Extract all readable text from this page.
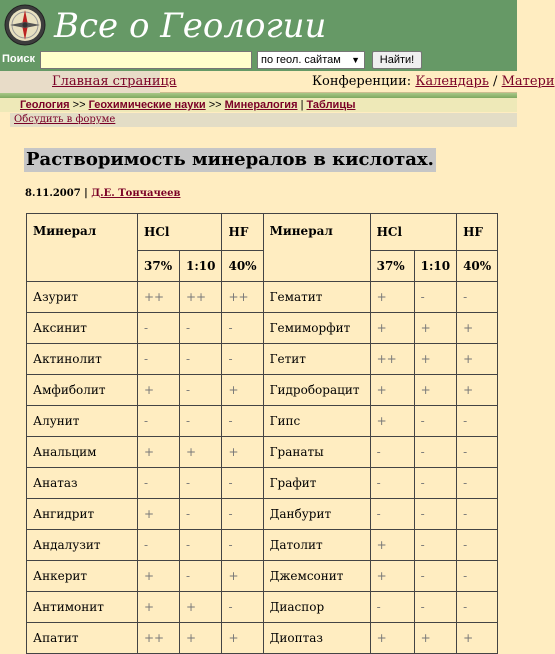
Все о Геологии
Поиск	по геол. сайтам ▼	Найти!
Главная страница	Конференции: Календарь / Матери
Геология >> Геохимические науки >> Минералогия | Таблицы
Обсудить в форуме
Растворимость минералов в кислотах.
8.11.2007 | Д.Е. Тончачеев
Минерал	HCl		HF	Минерал	HCl		HF
	37%	1:10	40%		37%	1:10	40%
Азурит	++	++	++	Гематит	+	-	-
Аксинит	-	-	-	Гемиморфит	+	+	+
Актинолит	-	-	-	Гетит	++	+	+
Амфиболит	+	-	+	Гидроборацит	+	+	+
Алунит	-	-	-	Гипс	+	-	-
Анальцим	+	+	+	Гранаты	-	-	-
Анатаз	-	-	-	Графит	-	-	-
Ангидрит	+	-	-	Данбурит	-	-	-
Андалузит	-	-	-	Датолит	+	-	-
Анкерит	+	-	+	Джемсонит	+	-	-
Антимонит	+	+	-	Диаспор	-	-	-
Апатит	++	+	+	Диоптаз	+	+	+
